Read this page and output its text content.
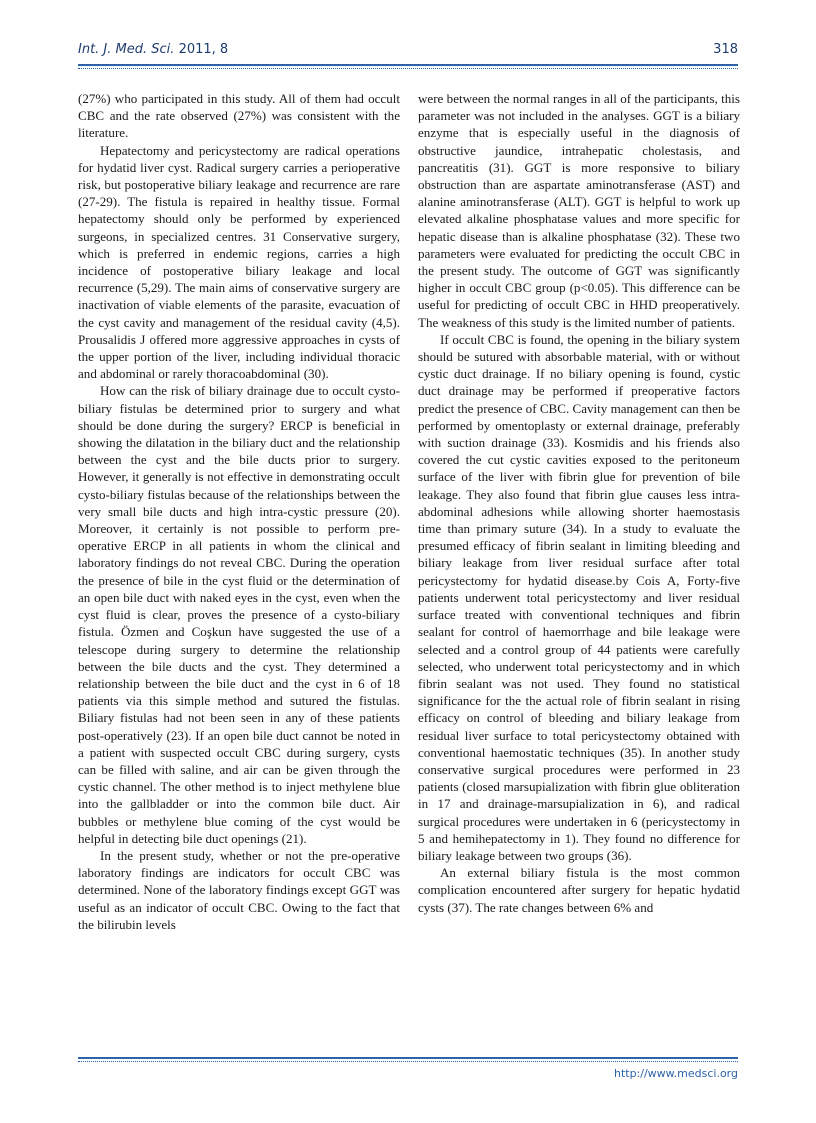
Int. J. Med. Sci. 2011, 8	318

(27%) who participated in this study. All of them had occult CBC and the rate observed (27%) was consistent with the literature.

Hepatectomy and pericystectomy are radical operations for hydatid liver cyst. Radical surgery carries a perioperative risk, but postoperative biliary leakage and recurrence are rare (27-29). The fistula is repaired in healthy tissue. Formal hepatectomy should only be performed by experienced surgeons, in specialized centres. 31 Conservative surgery, which is preferred in endemic regions, carries a high incidence of postoperative biliary leakage and local recurrence (5,29). The main aims of conservative surgery are inactivation of viable elements of the parasite, evacuation of the cyst cavity and management of the residual cavity (4,5). Prousalidis J offered more aggressive approaches in cysts of the upper portion of the liver, including individual thoracic and abdominal or rarely thoracoabdominal (30).

How can the risk of biliary drainage due to occult cysto-biliary fistulas be determined prior to surgery and what should be done during the surgery? ERCP is beneficial in showing the dilatation in the biliary duct and the relationship between the cyst and the bile ducts prior to surgery. However, it generally is not effective in demonstrating occult cysto-biliary fistulas because of the relationships between the very small bile ducts and high intra-cystic pressure (20). Moreover, it certainly is not possible to perform pre-operative ERCP in all patients in whom the clinical and laboratory findings do not reveal CBC. During the operation the presence of bile in the cyst fluid or the determination of an open bile duct with naked eyes in the cyst, even when the cyst fluid is clear, proves the presence of a cysto-biliary fistula. Özmen and Coşkun have suggested the use of a telescope during surgery to determine the relationship between the bile ducts and the cyst. They determined a relationship between the bile duct and the cyst in 6 of 18 patients via this simple method and sutured the fistulas. Biliary fistulas had not been seen in any of these patients post-operatively (23). If an open bile duct cannot be noted in a patient with suspected occult CBC during surgery, cysts can be filled with saline, and air can be given through the cystic channel. The other method is to inject methylene blue into the gallbladder or into the common bile duct. Air bubbles or methylene blue coming of the cyst would be helpful in detecting bile duct openings (21).

In the present study, whether or not the pre-operative laboratory findings are indicators for occult CBC was determined. None of the laboratory findings except GGT was useful as an indicator of occult CBC. Owing to the fact that the bilirubin levels

were between the normal ranges in all of the participants, this parameter was not included in the analyses. GGT is a biliary enzyme that is especially useful in the diagnosis of obstructive jaundice, intrahepatic cholestasis, and pancreatitis (31). GGT is more responsive to biliary obstruction than are aspartate aminotransferase (AST) and alanine aminotransferase (ALT). GGT is helpful to work up elevated alkaline phosphatase values and more specific for hepatic disease than is alkaline phosphatase (32). These two parameters were evaluated for predicting the occult CBC in the present study. The outcome of GGT was significantly higher in occult CBC group (p<0.05). This difference can be useful for predicting of occult CBC in HHD preoperatively. The weakness of this study is the limited number of patients.

If occult CBC is found, the opening in the biliary system should be sutured with absorbable material, with or without cystic duct drainage. If no biliary opening is found, cystic duct drainage may be performed if preoperative factors predict the presence of CBC. Cavity management can then be performed by omentoplasty or external drainage, preferably with suction drainage (33). Kosmidis and his friends also covered the cut cystic cavities exposed to the peritoneum surface of the liver with fibrin glue for prevention of bile leakage. They also found that fibrin glue causes less intra-abdominal adhesions while allowing shorter haemostasis time than primary suture (34). In a study to evaluate the presumed efficacy of fibrin sealant in limiting bleeding and biliary leakage from liver residual surface after total pericystectomy for hydatid disease.by Cois A, Forty-five patients underwent total pericystectomy and liver residual surface treated with conventional techniques and fibrin sealant for control of haemorrhage and bile leakage were selected and a control group of 44 patients were carefully selected, who underwent total pericystectomy and in which fibrin sealant was not used. They found no statistical significance for the the actual role of fibrin sealant in rising efficacy on control of bleeding and biliary leakage from residual liver surface to total pericystectomy obtained with conventional haemostatic techniques (35). In another study conservative surgical procedures were performed in 23 patients (closed marsupialization with fibrin glue obliteration in 17 and drainage-marsupialization in 6), and radical surgical procedures were undertaken in 6 (pericystectomy in 5 and hemihepatectomy in 1). They found no difference for biliary leakage between two groups (36).

An external biliary fistula is the most common complication encountered after surgery for hepatic hydatid cysts (37). The rate changes between 6% and

http://www.medsci.org
